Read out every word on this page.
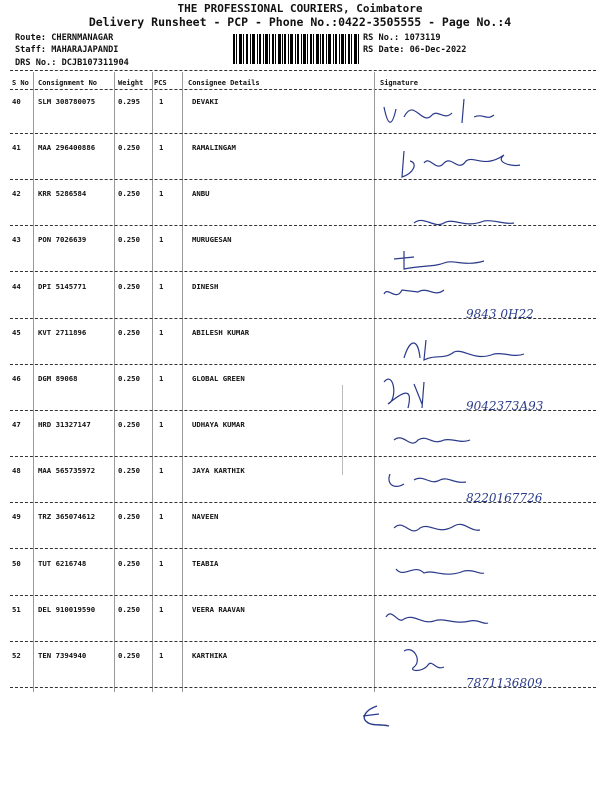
THE PROFESSIONAL COURIERS, Coimbatore
Delivery Runsheet - PCP - Phone No.:0422-3505555 - Page No.:4
Route: CHERNMANAGAR
Staff: MAHARAJAPANDI
DRS No.: DCJB107311904
RS No.: 1073119
RS Date: 06-Dec-2022
S No Consignment No	Weight PCS	Consignee Details	Signature
40 SLM 308780075	0.295	1	DEVAKI
41 MAA 296400886	0.250	1	RAMALINGAM
42 KRR 5286584	0.250	1	ANBU
43 PON 7026639	0.250	1	MURUGESAN
44 DPI 5145771	0.250	1	DINESH
9843 0H22
45 KVT 2711896	0.250	1	ABILESH KUMAR
46 DGM 89068	0.250	1	GLOBAL GREEN
9042373A93
47 HRD 31327147	0.250	1	UDHAYA KUMAR
48 MAA 565735972	0.250	1	JAYA KARTHIK
8220167726
49 TRZ 365074612	0.250	1	NAVEEN
50 TUT 6216748	0.250	1	TEABIA
51 DEL 910019590	0.250	1	VEERA RAAVAN
52 TEN 7394940	0.250	1	KARTHIKA
7871136809
